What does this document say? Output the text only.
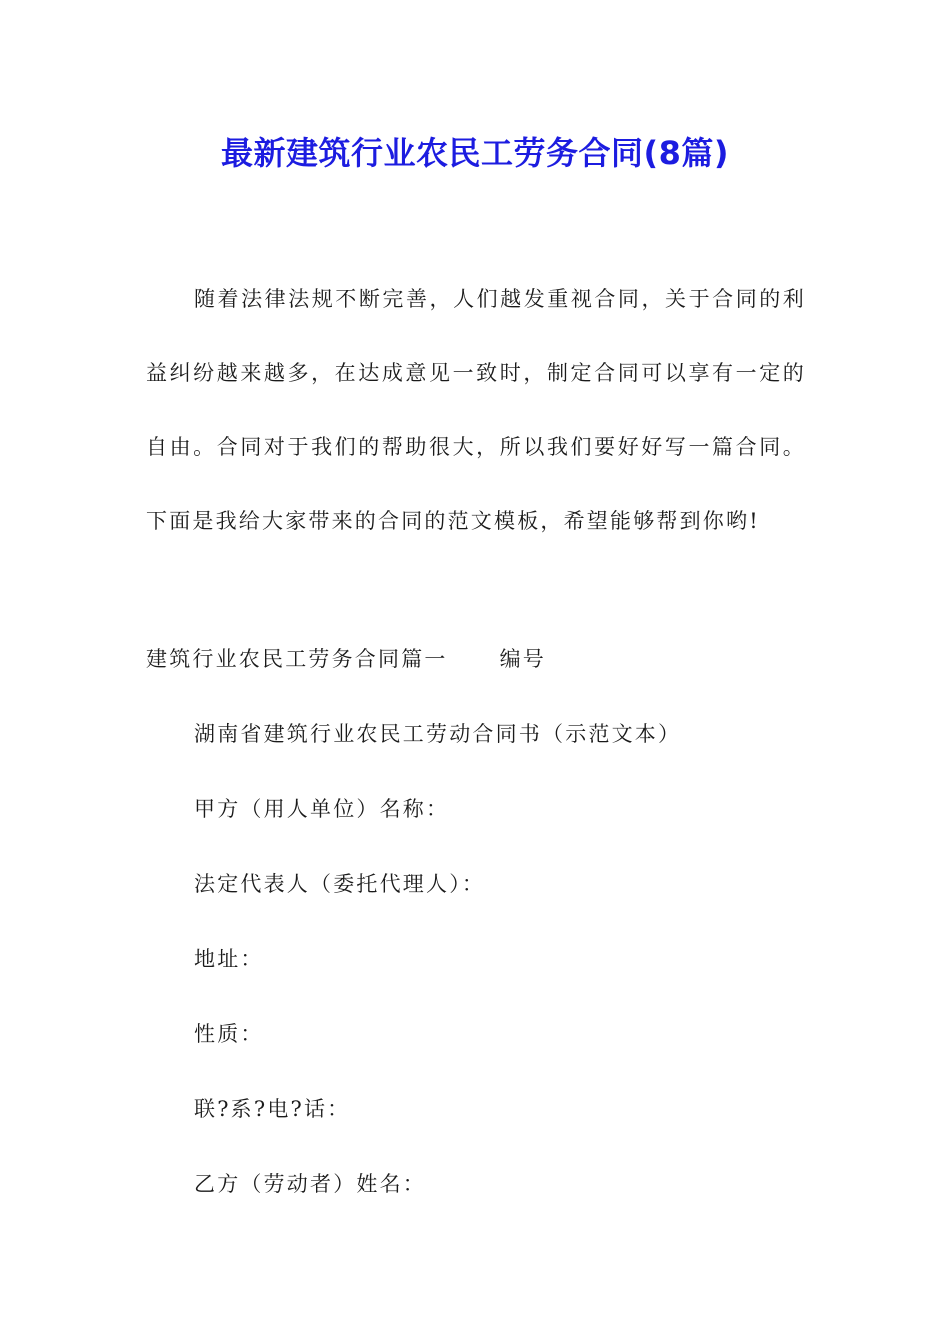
最新建筑行业农民工劳务合同(8篇)

随着法律法规不断完善，人们越发重视合同，关于合同的利益纠纷越来越多，在达成意见一致时，制定合同可以享有一定的自由。合同对于我们的帮助很大，所以我们要好好写一篇合同。下面是我给大家带来的合同的范文模板，希望能够帮到你哟!

建筑行业农民工劳务合同篇一 编号

湖南省建筑行业农民工劳动合同书（示范文本）

甲方（用人单位）名称：

法定代表人（委托代理人）：

地址：

性质：

联?系?电?话：

乙方（劳动者）姓名：
